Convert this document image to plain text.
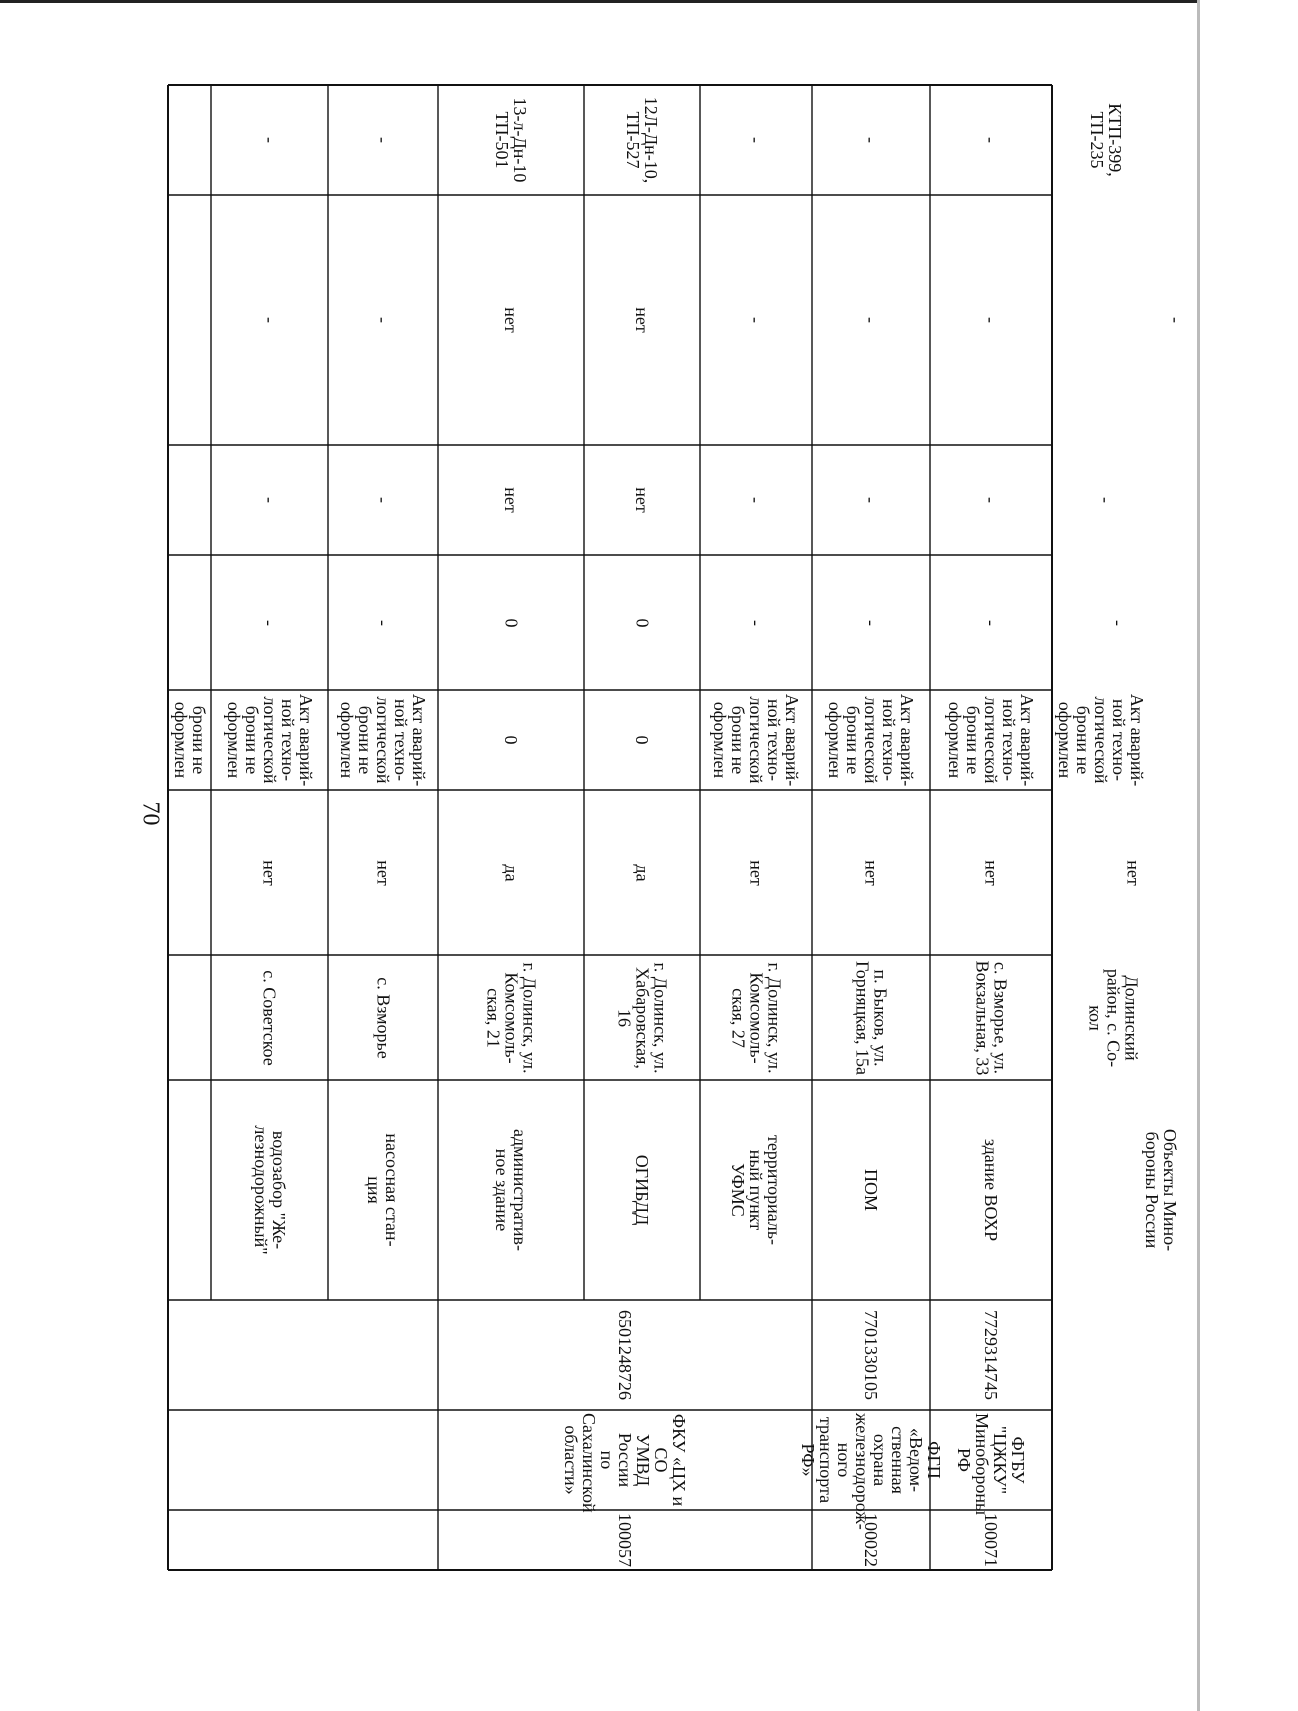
70
брони не
оформлен
водозабор "Же-
лезнодорожный"
с. Советское
нет
Акт аварий-
ной техно-
логической
брони не
оформлен
-
-
-
-
насосная стан-
ция
с. Взморье
нет
Акт аварий-
ной техно-
логической
брони не
оформлен
-
-
-
-
100057
ФКУ «ЦХ и СО
УМВД России
по Сахалинской
области»
6501248726
административ-
ное здание
г. Долинск, ул.
Комсомоль-
ская, 21
да
0
0
нет
нет
13-л-Дн-10
ТП-501
ОГИБДД
г. Долинск, ул.
Хабаровская,
16
да
0
0
нет
нет
12Л-Дн-10,
ТП-527
территориаль-
ный пункт
УФМС
г. Долинск, ул.
Комсомоль-
ская, 27
нет
Акт аварий-
ной техно-
логической
брони не
оформлен
-
-
-
-
ПОМ
п. Быков, ул.
Горняцкая, 15а
нет
Акт аварий-
ной техно-
логической
брони не
оформлен
-
-
-
-
100022
ФГП «Ведом-
ственная охрана
железнодорож-
ного транспорта
РФ»
7701330105
здание ВОХР
с. Взморье, ул.
Вокзальная, 33
нет
Акт аварий-
ной техно-
логической
брони не
оформлен
-
-
-
-
100071
ФГБУ "ЦЖКУ"
Минобороны РФ
7729314745
Объекты Мино-
бороны России
Долинский
район, с. Со-
кол
нет
Акт аварий-
ной техно-
логической
брони не
оформлен
-
-
-
КТП-399,
ТП-235
